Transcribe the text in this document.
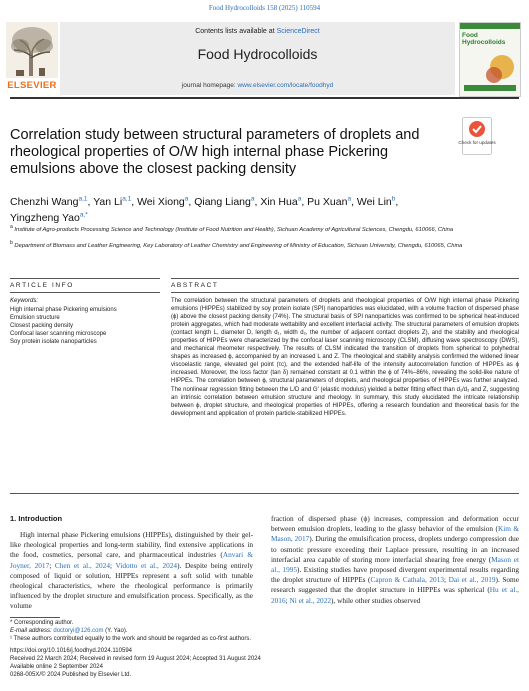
Food Hydrocolloids 158 (2025) 110594
ELSEVIER
Contents lists available at ScienceDirect
Food Hydrocolloids
journal homepage: www.elsevier.com/locate/foodhyd
Food Hydrocolloids
Correlation study between structural parameters of droplets and rheological properties of O/W high internal phase Pickering emulsions above the closest packing density
Check for updates
Chenzhi Wang$^{a,1}$, Yan Li$^{a,1}$, Wei Xiong$^a$, Qiang Liang$^a$, Xin Hua$^a$, Pu Xuan$^a$, Wei Lin$^b$,
Yingzheng Yao$^{a,*}$
$^a$ Institute of Agro-products Processing Science and Technology (Institute of Food Nutrition and Health), Sichuan Academy of Agricultural Sciences, Chengdu, 610066, China
$^b$ Department of Biomass and Leather Engineering, Key Laboratory of Leather Chemistry and Engineering of Ministry of Education, Sichuan University, Chengdu, 610065, China
ARTICLE INFO	ABSTRACT
Keywords:
High internal phase Pickering emulsions
Emulsion structure
Closest packing density
Confocal laser scanning microscope
Soy protein isolate nanoparticles
The correlation between the structural parameters of droplets and rheological properties of O/W high internal phase Pickering emulsions (HIPPEs) stabilized by soy protein isolate (SPI) nanoparticles was elucidated, with a volume fraction of dispersed phase (ϕ) above the closest packing density (74%). The structural basis of SPI nanoparticles was confirmed to be spherical heat-induced protein aggregates, which had moderate wettability and excellent interfacial activity. The structural parameters of emulsion droplets (contact length L, diameter D, length d₁, width d₂, the number of adjacent contact droplets Z), and the stability and rheological properties of HIPPEs were characterized by the confocal laser scanning microscopy (CLSM), diffusing wave spectroscopy (DWS), and mechanical rheometer respectively. The results of CLSM indicated the transition of droplets from spherical to polyhedral shapes as increased ϕ, accompanied by an increased L and Z. The rheological and stability analysis confirmed the widened linear viscoelastic range, elevated gel point (τc), and the extended half-life of the intensity autocorrelation function of HIPPEs as ϕ increased. Moreover, the loss factor (tan δ) remained constant at 0.1 within the ϕ of 74%–86%, revealing the solid-like nature of HIPPEs. The correlation between ϕ, structural parameters of droplets, and rheological properties of HIPPEs was further analyzed. The nonlinear regression fitting between the L/D and G′ (elastic modulus) yielded a better fitting effect than d₁/d₂ and Z, suggesting an intrinsic correlation between emulsion structure and rheology. In summary, this study elucidated the intricate relationship between ϕ, droplet structure, and rheological properties of HIPPEs, offering a research foundation and theoretical basis for the development and application of protein particle-stabilized HIPPEs.
1. Introduction
High internal phase Pickering emulsions (HIPPEs), distinguished by their gel-like rheological properties and long-term stability, find extensive applications in the food, cosmetics, personal care, and pharmaceutical industries (Anvari & Joyner, 2017; Chen et al., 2024; Vidotto et al., 2024). Despite being entirely composed of liquid or solution, HIPPEs represent a soft solid with tunable rheological characteristics, where the rheological performance is primarily influenced by the droplet structure and emulsification process. Specifically, as the volume
fraction of dispersed phase (ϕ) increases, compression and deformation occur between emulsion droplets, leading to the glassy behavior of the emulsion (Kim & Mason, 2017). During the emulsification process, droplets undergo compression due to osmotic pressure exceeding their Laplace pressure, resulting in an increased interfacial area capable of storing more interfacial shearing free energy (Mason et al., 1995). Existing studies have proposed divergent experimental results regarding the droplet structure of HIPPEs (Capron & Cathala, 2013; Dai et al., 2019). Some research suggested that the droplet structure in HIPPEs was spherical (Hu et al., 2016; Ni et al., 2022), while other studies observed
* Corresponding author.
E-mail address: doctoryi@126.com (Y. Yao).
¹ These authors contributed equally to the work and should be regarded as co-first authors.
https://doi.org/10.1016/j.foodhyd.2024.110594
Received 22 March 2024; Received in revised form 19 August 2024; Accepted 31 August 2024
Available online 2 September 2024
0268-005X/© 2024 Published by Elsevier Ltd.
